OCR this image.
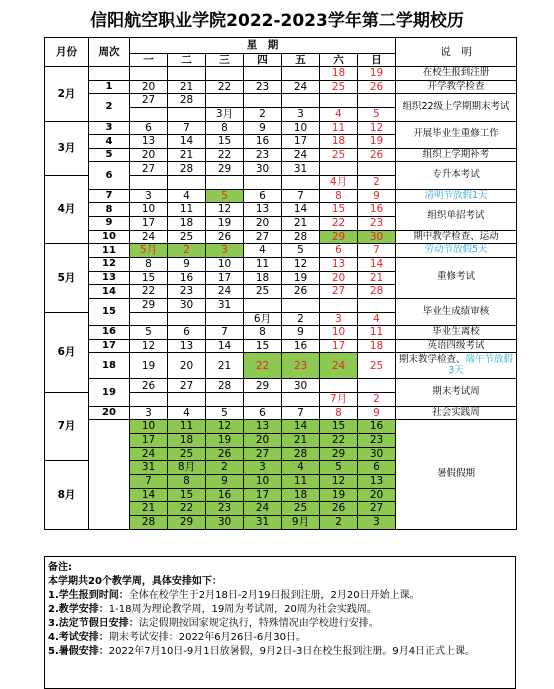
信阳航空职业学院2022-2023学年第二学期校历
月份	周次	星　期							说　明
		一	二	三	四	五	六	日	
2月							18	19	在校生报到注册
	1	20	21	22	23	24	25	26	开学教学检查
	2	27	28						组织22级上学期期末考试
				3月	2	3	4	5	
3月	3	6	7	8	9	10	11	12	开展毕业生重修工作
	4	13	14	15	16	17	18	19	
	5	20	21	22	23	24	25	26	组织上学期补考
	6	27	28	29	30	31			专升本考试
4月							4月	2	
	7	3	4	5	6	7	8	9	清明节放假1天
	8	10	11	12	13	14	15	16	组织单招考试
	9	17	18	19	20	21	22	23	
	10	24	25	26	27	28	29	30	期中教学检查、运动
5月	11	5月	2	3	4	5	6	7	劳动节放假5天
	12	8	9	10	11	12	13	14	重修考试
	13	15	16	17	18	19	20	21	
	14	22	23	24	25	26	27	28	
	15	29	30	31					毕业生成绩审核
6月					6月	2	3	4	
	16	5	6	7	8	9	10	11	毕业生离校
	17	12	13	14	15	16	17	18	英语四级考试
	18	19	20	21	22	23	24	25	期末教学检查、端午节放假3天
	19	26	27	28	29	30			期末考试周
7月							7月	2	
	20	3	4	5	6	7	8	9	社会实践周
		10	11	12	13	14	15	16	暑假假期
		17	18	19	20	21	22	23	
		24	25	26	27	28	29	30	
8月		31	8月	2	3	4	5	6	
		7	8	9	10	11	12	13	
		14	15	16	17	18	19	20	
		21	22	23	24	25	26	27	
		28	29	30	31	9月	2	3	

备注:

本学期共20个教学周，具体安排如下：

1.学生报到时间：全体在校学生于2月18日-2月19日报到注册，2月20日开始上课。

2.教学安排：1-18周为理论教学周，19周为考试周，20周为社会实践周。

3.法定节假日安排：法定假期按国家规定执行，特殊情况由学校进行安排。

4.考试安排：期末考试安排：2022年6月26日-6月30日。

5.暑假安排：2022年7月10日-9月1日放暑假，9月2日-3日在校生报到注册。9月4日正式上课。
